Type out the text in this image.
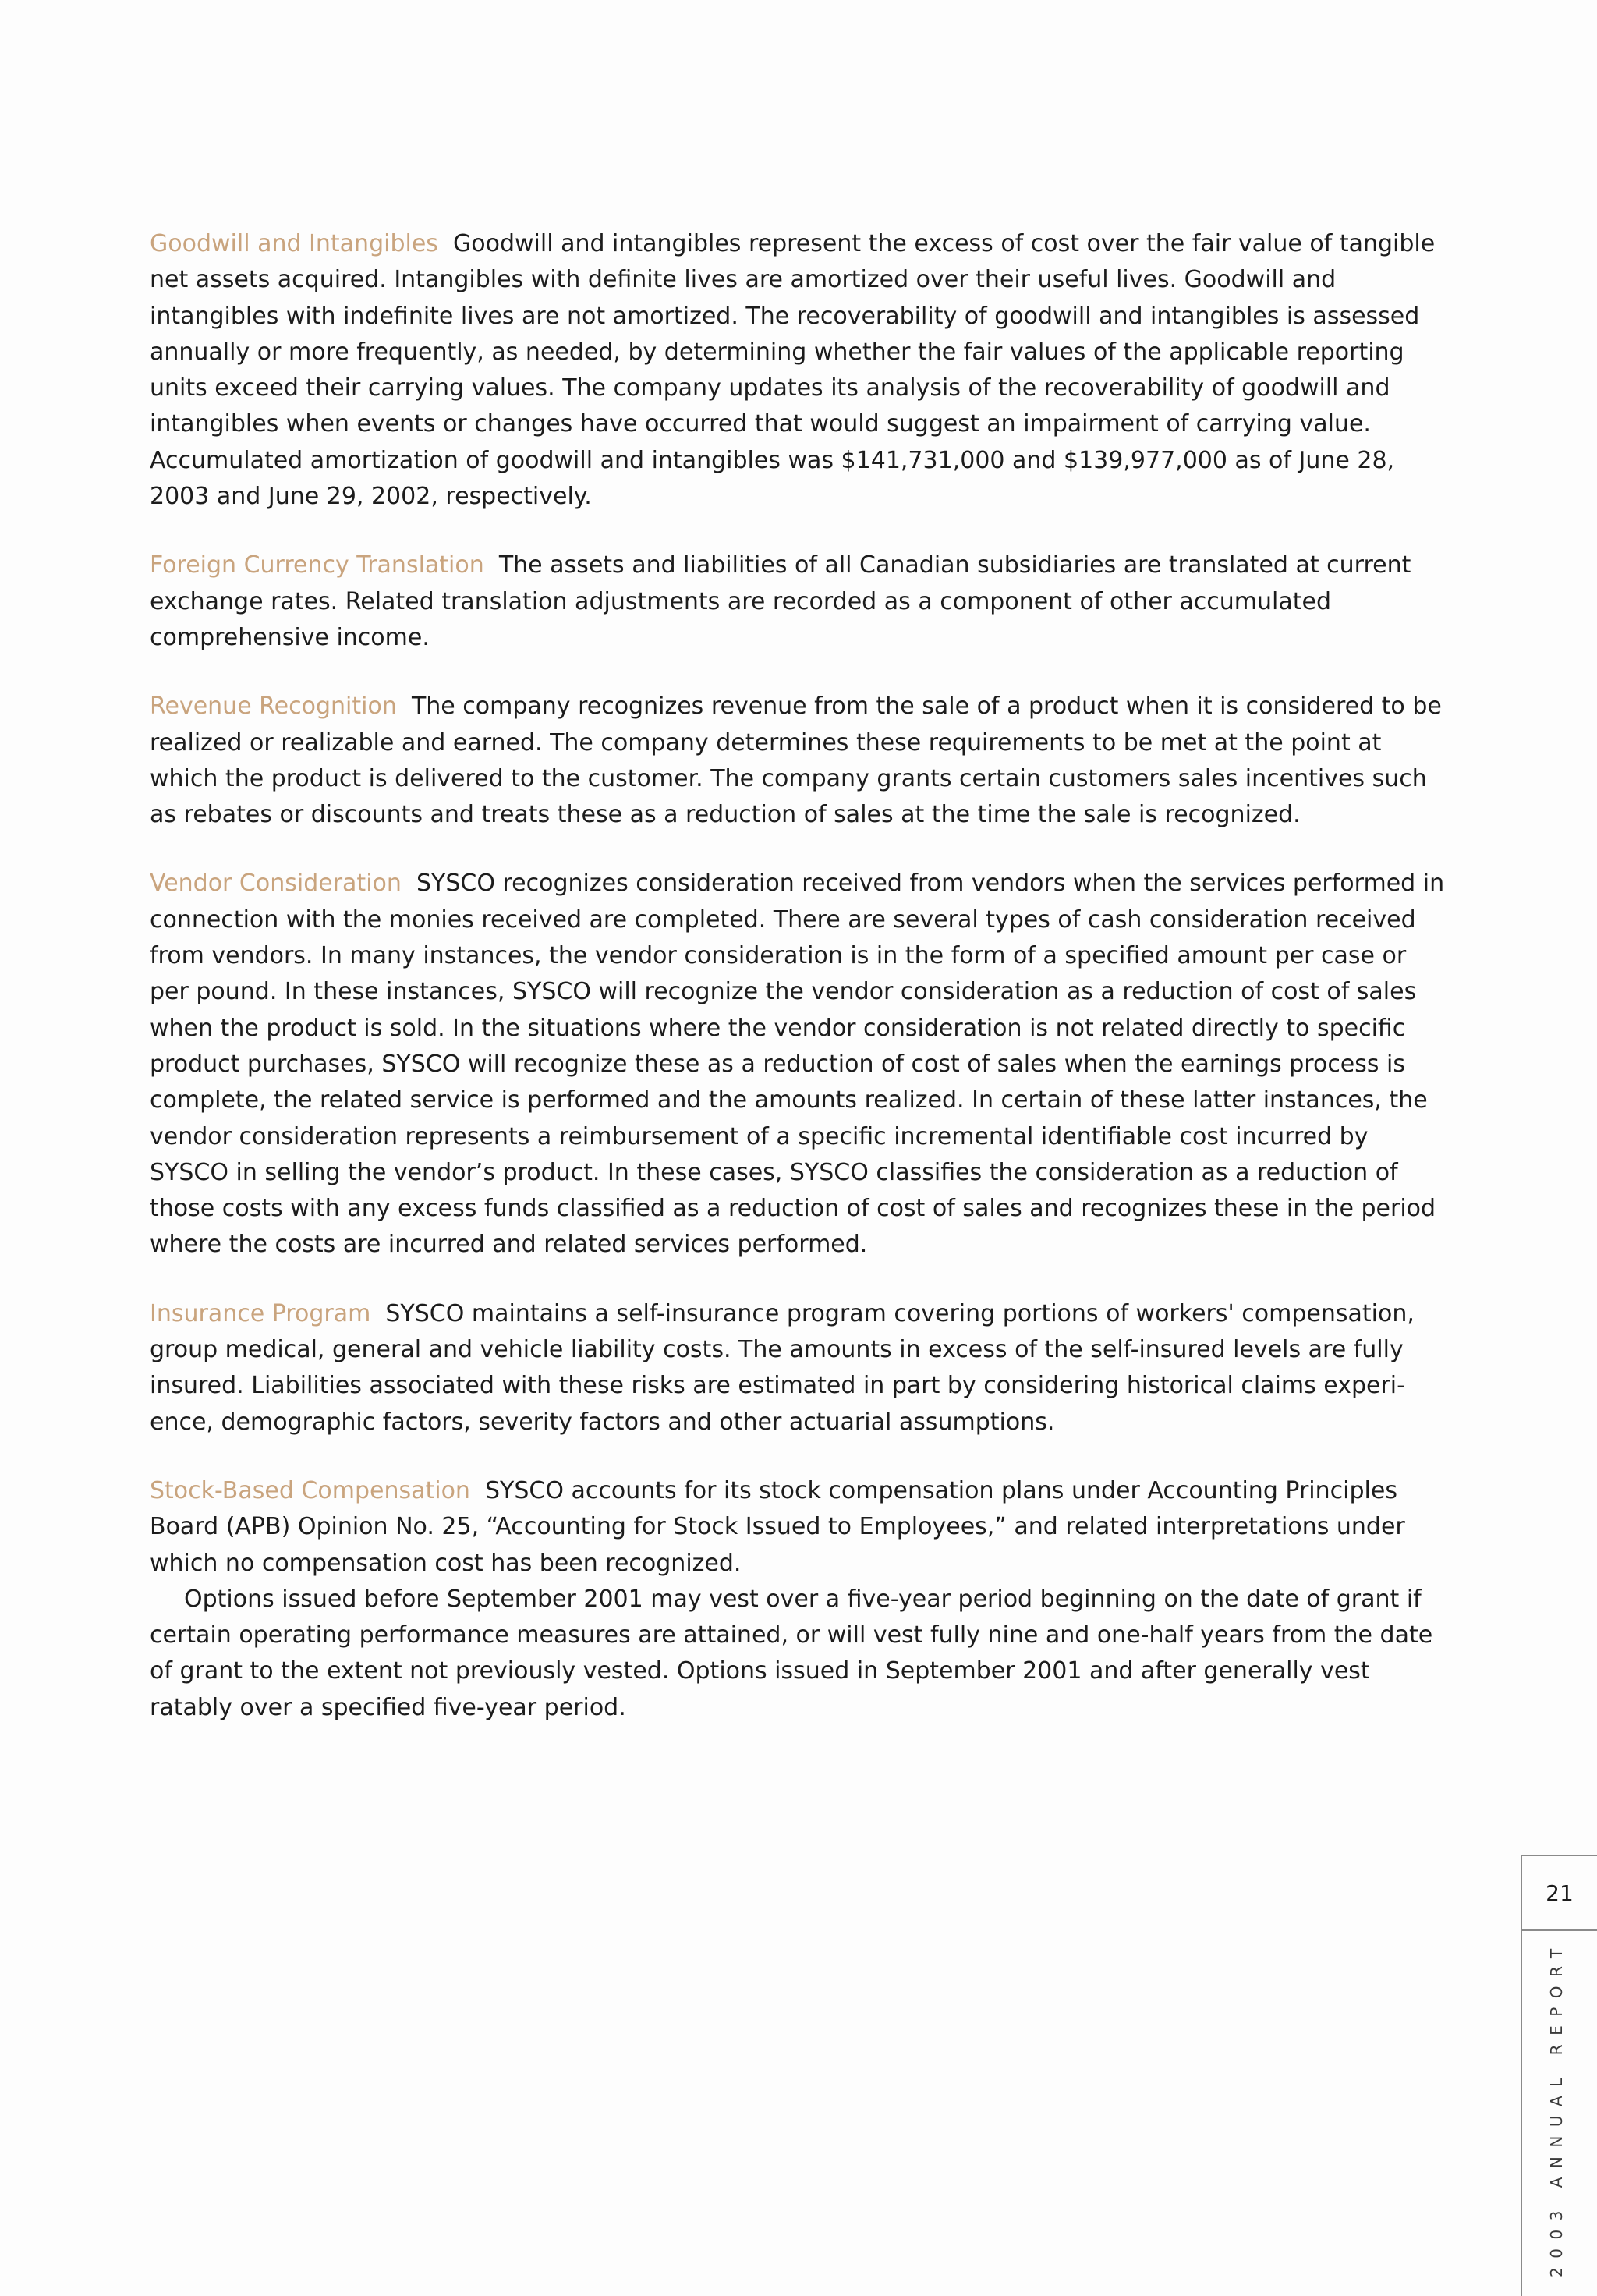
Goodwill and Intangibles Goodwill and intangibles represent the excess of cost over the fair value of tangible net assets acquired. Intangibles with definite lives are amortized over their useful lives. Goodwill and intangibles with indefinite lives are not amortized. The recoverability of goodwill and intangibles is assessed annually or more frequently, as needed, by determining whether the fair values of the applicable reporting units exceed their carrying values. The company updates its analysis of the recoverability of goodwill and intangibles when events or changes have occurred that would suggest an impairment of carrying value. Accumulated amortization of goodwill and intangibles was $141,731,000 and $139,977,000 as of June 28, 2003 and June 29, 2002, respectively.

Foreign Currency Translation The assets and liabilities of all Canadian subsidiaries are translated at current exchange rates. Related translation adjustments are recorded as a component of other accumulated comprehensive income.

Revenue Recognition The company recognizes revenue from the sale of a product when it is considered to be realized or realizable and earned. The company determines these requirements to be met at the point at which the product is delivered to the customer. The company grants certain customers sales incentives such as rebates or discounts and treats these as a reduction of sales at the time the sale is recognized.

Vendor Consideration SYSCO recognizes consideration received from vendors when the services performed in connection with the monies received are completed. There are several types of cash consideration received from vendors. In many instances, the vendor consideration is in the form of a specified amount per case or per pound. In these instances, SYSCO will recognize the vendor consideration as a reduction of cost of sales when the product is sold. In the situations where the vendor consideration is not related directly to specific product purchases, SYSCO will recognize these as a reduction of cost of sales when the earnings process is complete, the related service is performed and the amounts realized. In certain of these latter instances, the vendor consideration represents a reimbursement of a specific incremental identifiable cost incurred by SYSCO in selling the vendor’s product. In these cases, SYSCO classifies the consideration as a reduction of those costs with any excess funds classified as a reduction of cost of sales and recognizes these in the period where the costs are incurred and related services performed.

Insurance Program SYSCO maintains a self-insurance program covering portions of workers' compensation, group medical, general and vehicle liability costs. The amounts in excess of the self-insured levels are fully insured. Liabilities associated with these risks are estimated in part by considering historical claims experience, demographic factors, severity factors and other actuarial assumptions.

Stock-Based Compensation SYSCO accounts for its stock compensation plans under Accounting Principles Board (APB) Opinion No. 25, “Accounting for Stock Issued to Employees,” and related interpretations under which no compensation cost has been recognized.

Options issued before September 2001 may vest over a five-year period beginning on the date of grant if certain operating performance measures are attained, or will vest fully nine and one-half years from the date of grant to the extent not previously vested. Options issued in September 2001 and after generally vest ratably over a specified five-year period.

21
2003 ANNUAL REPORT
